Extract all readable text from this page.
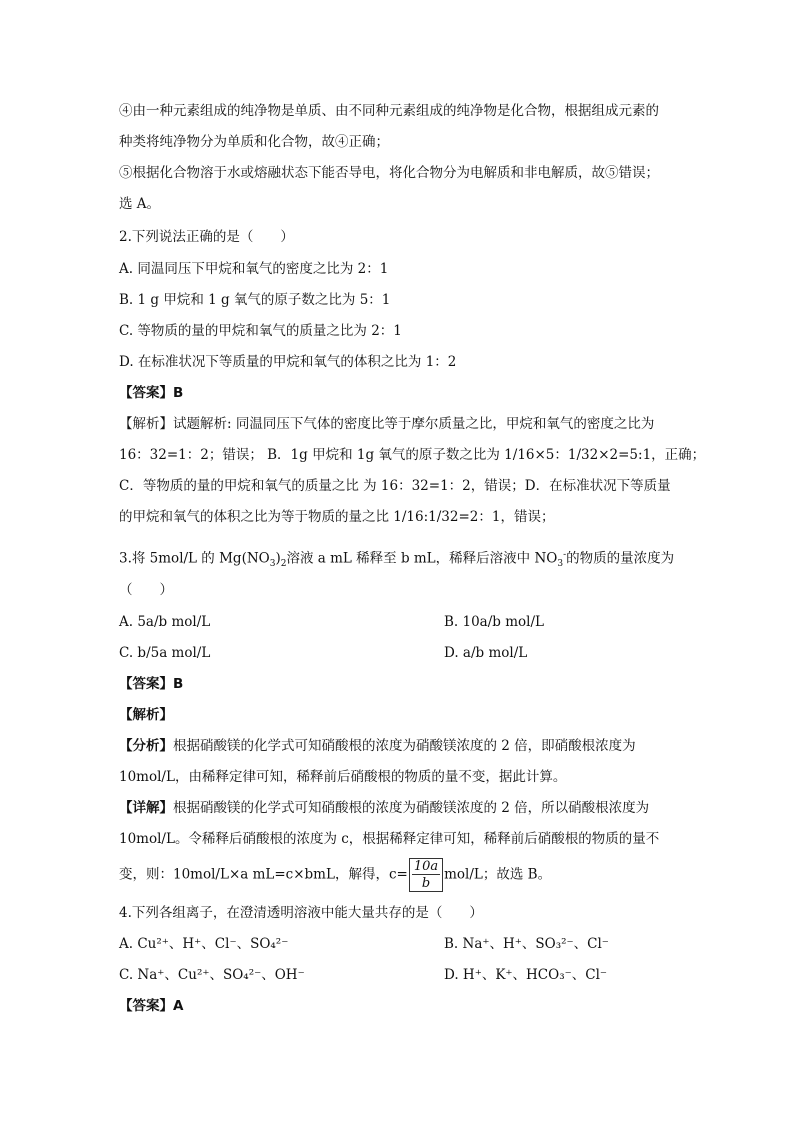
④由一种元素组成的纯净物是单质、由不同种元素组成的纯净物是化合物，根据组成元素的
种类将纯净物分为单质和化合物，故④正确；
⑤根据化合物溶于水或熔融状态下能否导电，将化合物分为电解质和非电解质，故⑤错误；
选 A。
2.下列说法正确的是（　　）
A. 同温同压下甲烷和氧气的密度之比为 2：1
B. 1 g 甲烷和 1 g 氧气的原子数之比为 5：1
C. 等物质的量的甲烷和氧气的质量之比为 2：1
D. 在标准状况下等质量的甲烷和氧气的体积之比为 1：2
【答案】B
【解析】试题解析: 同温同压下气体的密度比等于摩尔质量之比，甲烷和氧气的密度之比为
16：32=1：2；错误； B．1g 甲烷和 1g 氧气的原子数之比为 1/16×5：1/32×2=5:1，正确；
C．等物质的量的甲烷和氧气的质量之比 为 16：32=1：2，错误；D．在标准状况下等质量
的甲烷和氧气的体积之比为等于物质的量之比 1/16:1/32=2：1，错误；
3.将 5mol/L 的 $Mg(NO_3)_2$溶液 a mL 稀释至 b mL，稀释后溶液中 $NO_3^-$的物质的量浓度为
（　　）
A. 5a/b mol/L	B. 10a/b mol/L
C. b/5a mol/L	D. a/b mol/L
【答案】B
【解析】
【分析】根据硝酸镁的化学式可知硝酸根的浓度为硝酸镁浓度的 2 倍，即硝酸根浓度为
10mol/L，由稀释定律可知，稀释前后硝酸根的物质的量不变，据此计算。
【详解】根据硝酸镁的化学式可知硝酸根的浓度为硝酸镁浓度的 2 倍，所以硝酸根浓度为
10mol/L。令稀释后硝酸根的浓度为 c，根据稀释定律可知，稀释前后硝酸根的物质的量不
变，则：10mol/L×a mL=c×bmL，解得，$c= \frac{10a}{b} mol/L$；故选 B。
4.下列各组离子，在澄清透明溶液中能大量共存的是（　　）
A. Cu²⁺、H⁺、Cl⁻、SO₄²⁻	B. Na⁺、H⁺、SO₃²⁻、Cl⁻
C. Na⁺、Cu²⁺、SO₄²⁻、OH⁻	D. H⁺、K⁺、HCO₃⁻、Cl⁻
【答案】A
